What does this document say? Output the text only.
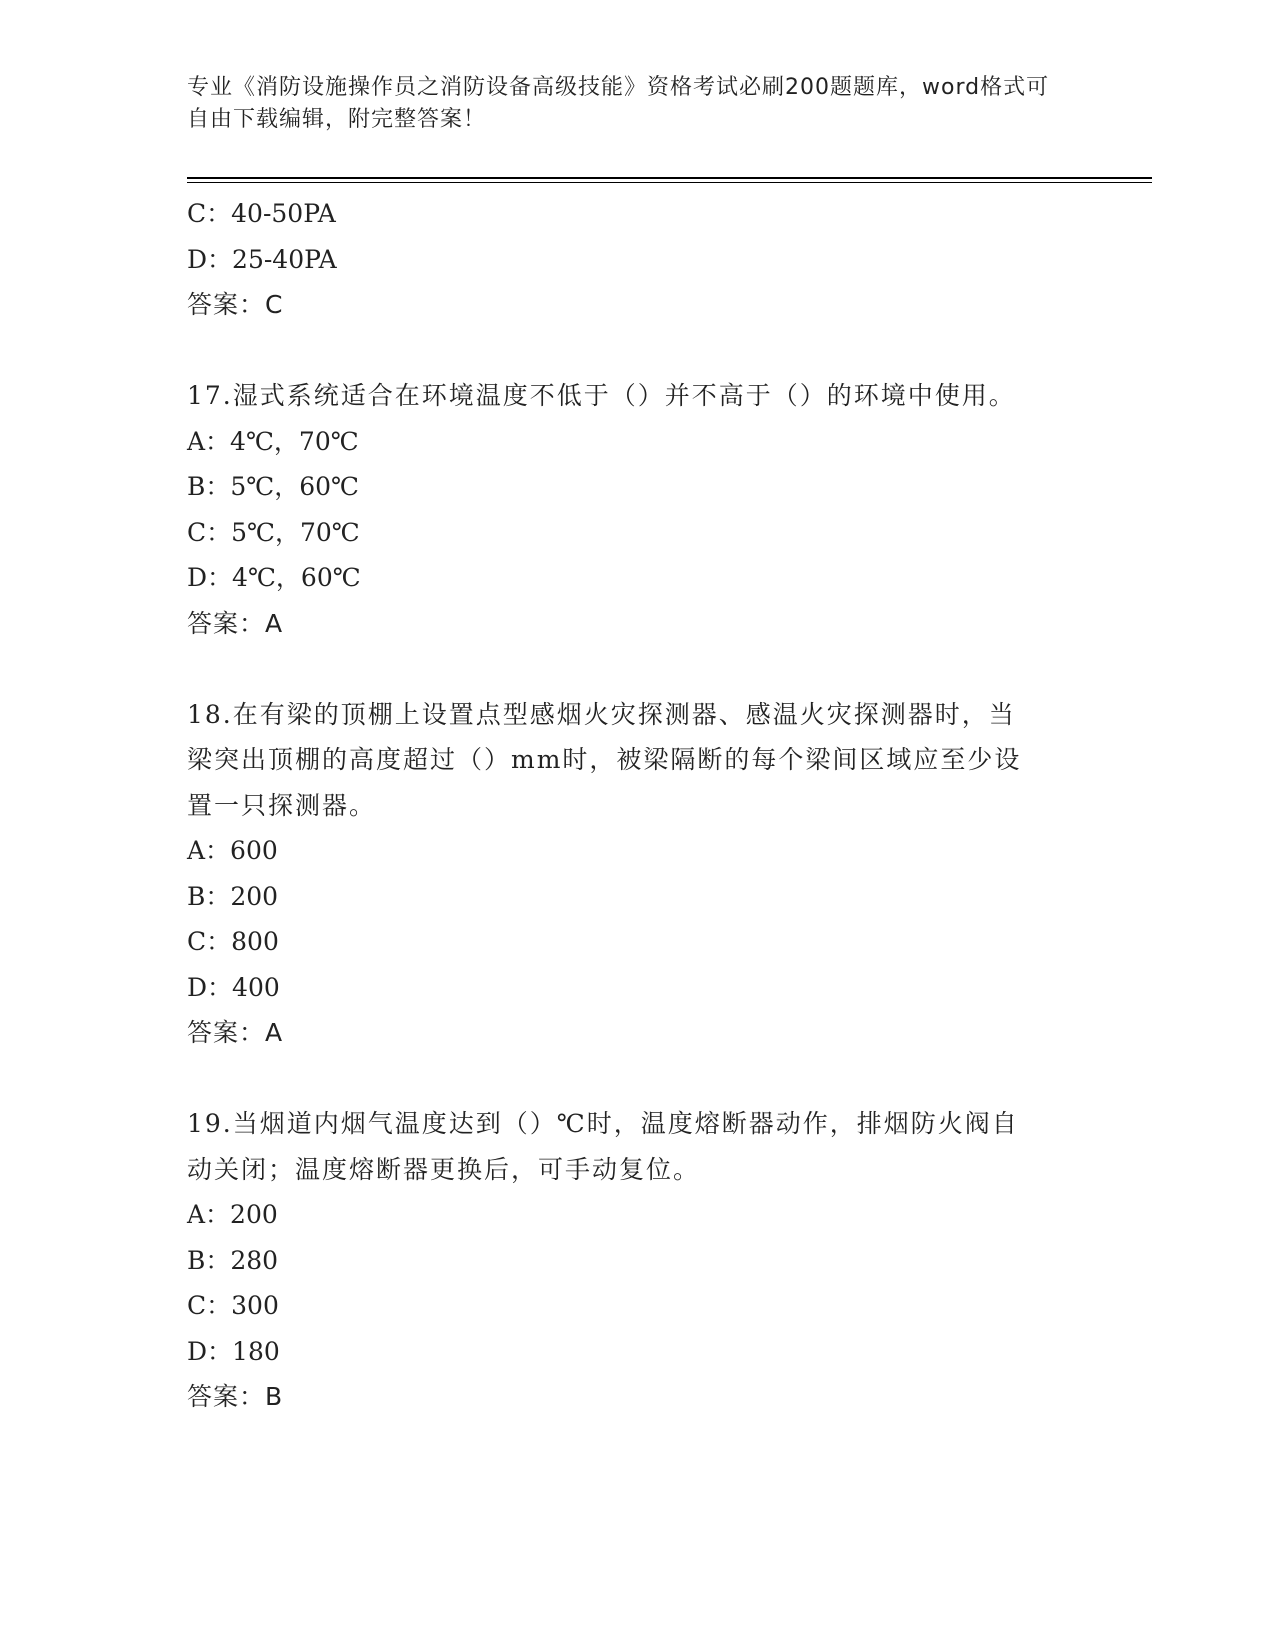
专业《消防设施操作员之消防设备高级技能》资格考试必刷200题题库，word格式可自由下载编辑，附完整答案！
C：40-50PA
D：25-40PA
答案：C
17.湿式系统适合在环境温度不低于（）并不高于（）的环境中使用。
A：4℃，70℃
B：5℃，60℃
C：5℃，70℃
D：4℃，60℃
答案：A
18.在有梁的顶棚上设置点型感烟火灾探测器、感温火灾探测器时，当
梁突出顶棚的高度超过（）mm时，被梁隔断的每个梁间区域应至少设
置一只探测器。
A：600
B：200
C：800
D：400
答案：A
19.当烟道内烟气温度达到（）℃时，温度熔断器动作，排烟防火阀自
动关闭；温度熔断器更换后，可手动复位。
A：200
B：280
C：300
D：180
答案：B
